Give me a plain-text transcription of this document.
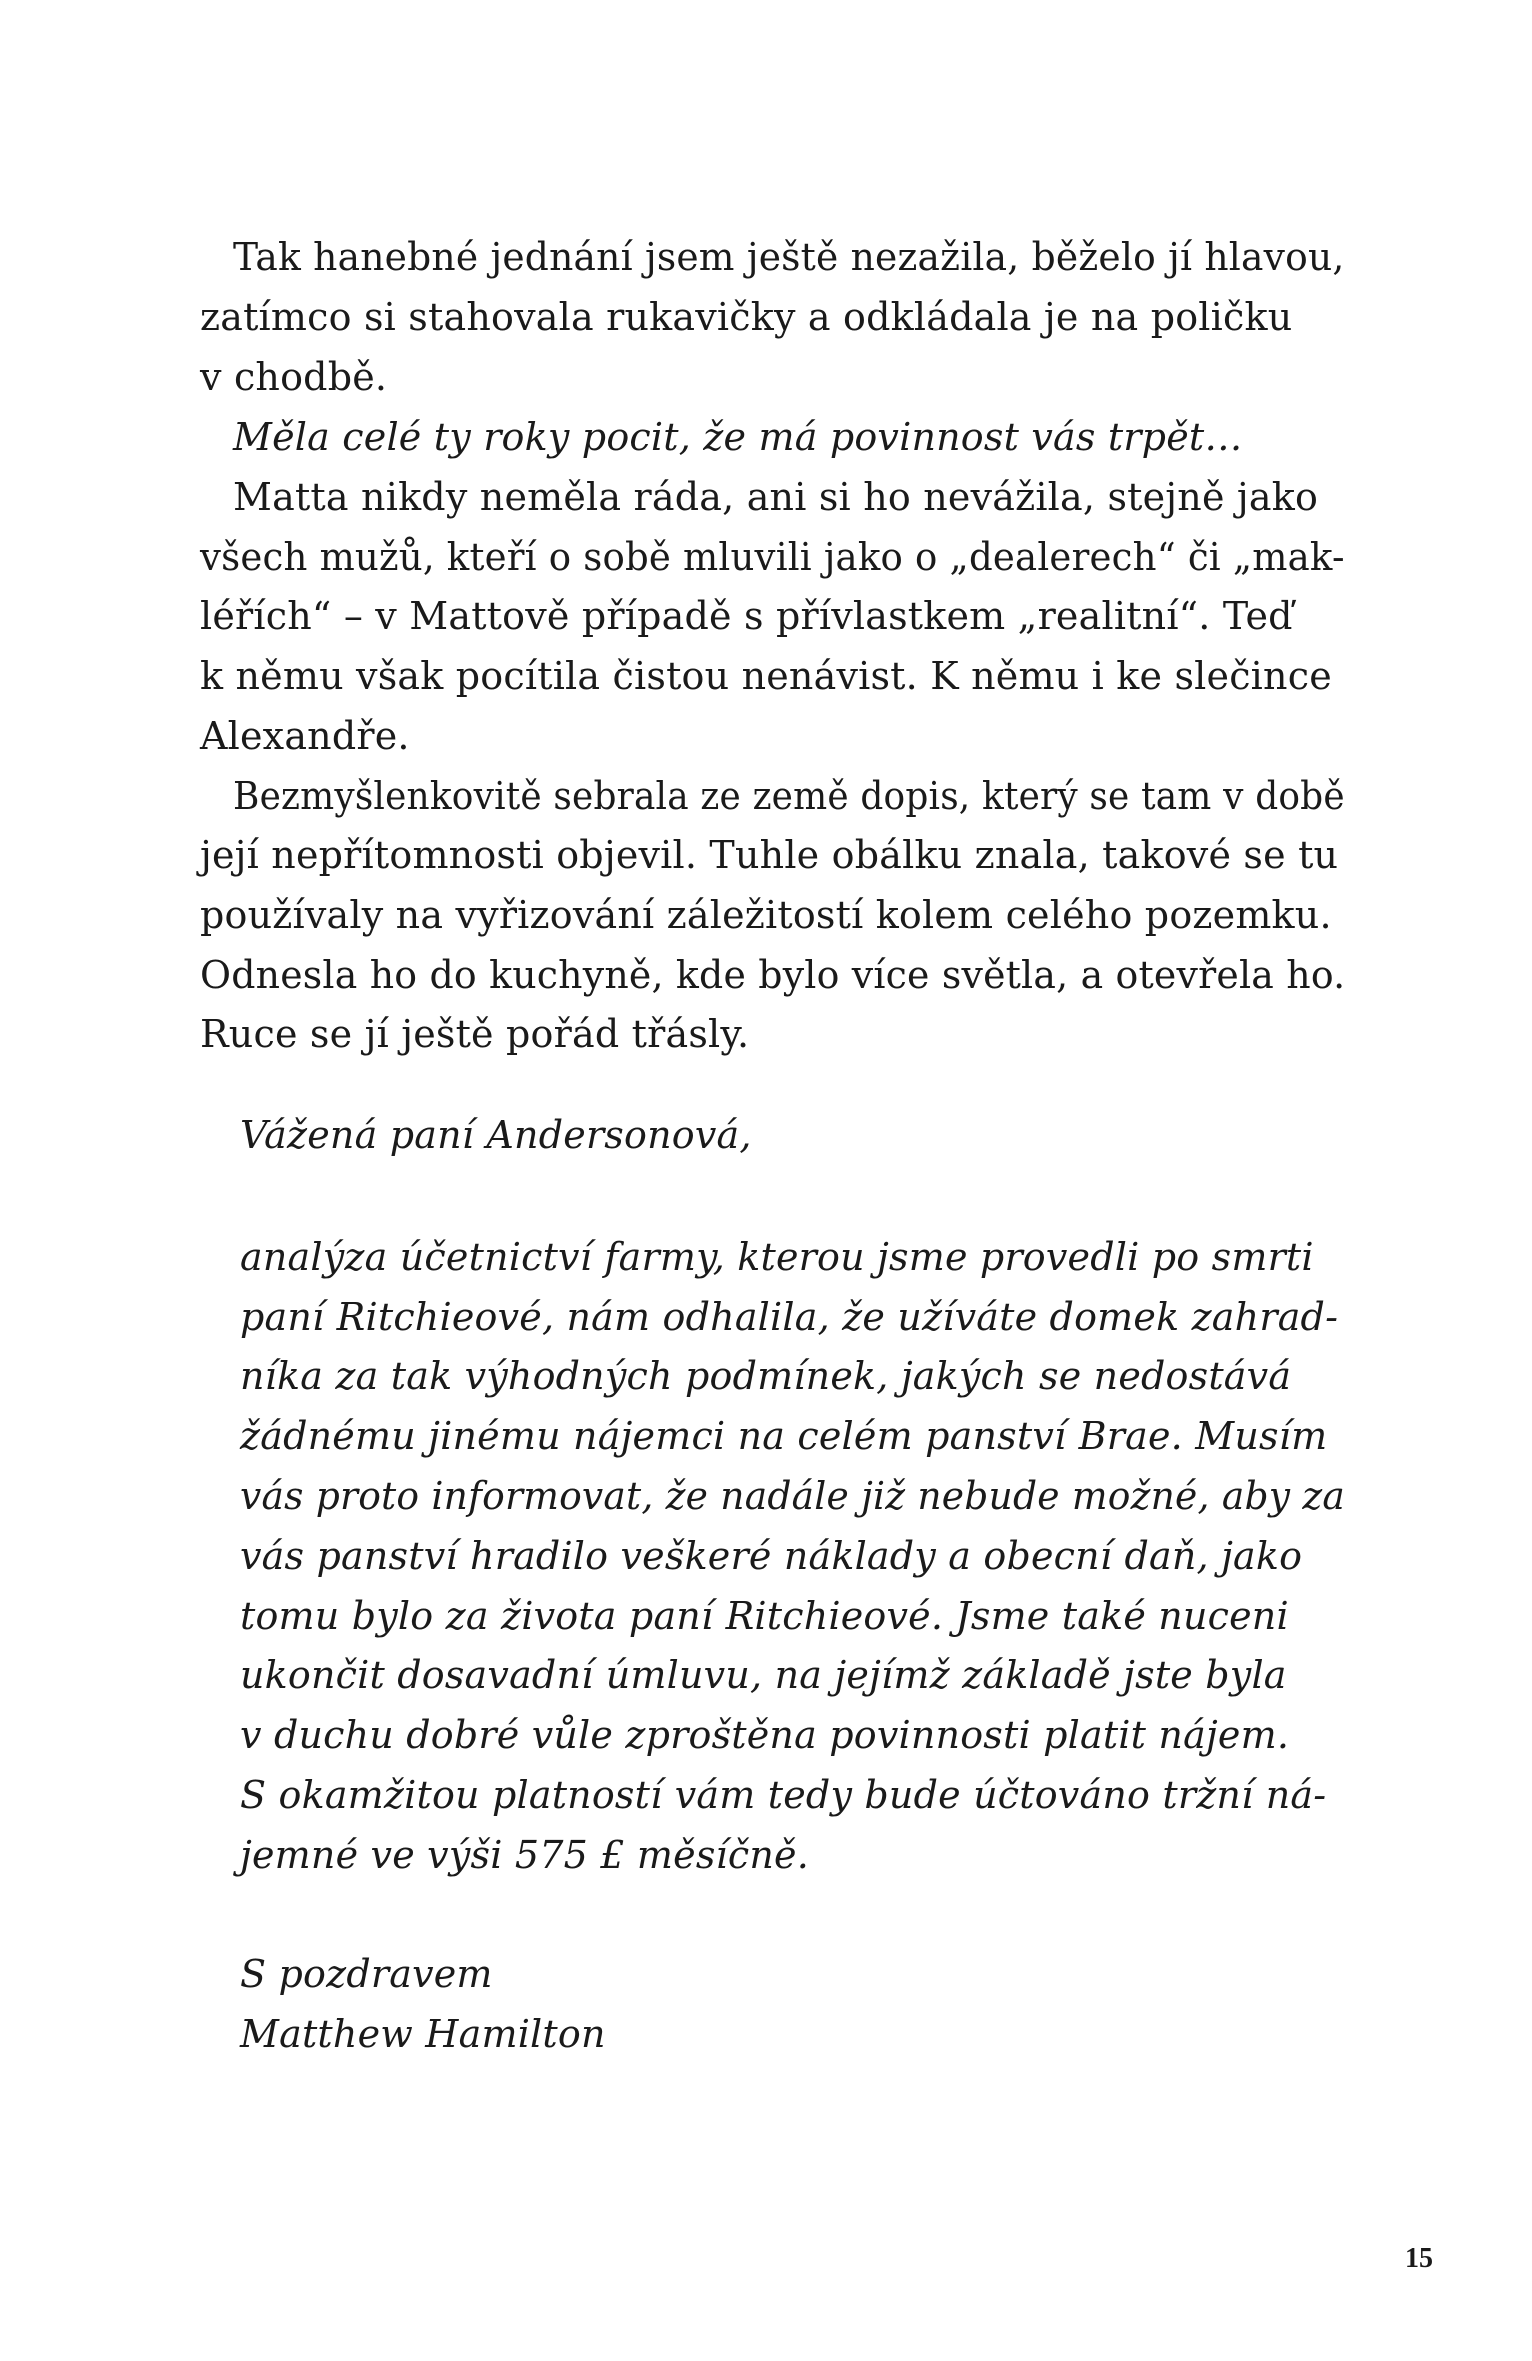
Tak hanebné jednání jsem ještě nezažila, běželo jí hlavou,
zatímco si stahovala rukavičky a odkládala je na poličku
v chodbě.
Měla celé ty roky pocit, že má povinnost vás trpět…
Matta nikdy neměla ráda, ani si ho nevážila, stejně jako
všech mužů, kteří o sobě mluvili jako o „dealerech“ či „mak-
léřích“ – v Mattově případě s přívlastkem „realitní“. Teď
k němu však pocítila čistou nenávist. K němu i ke slečince
Alexandře.
Bezmyšlenkovitě sebrala ze země dopis, který se tam v době
její nepřítomnosti objevil. Tuhle obálku znala, takové se tu
používaly na vyřizování záležitostí kolem celého pozemku.
Odnesla ho do kuchyně, kde bylo více světla, a otevřela ho.
Ruce se jí ještě pořád třásly.
Vážená paní Andersonová,
analýza účetnictví farmy, kterou jsme provedli po smrti
paní Ritchieové, nám odhalila, že užíváte domek zahrad-
níka za tak výhodných podmínek, jakých se nedostává
žádnému jinému nájemci na celém panství Brae. Musím
vás proto informovat, že nadále již nebude možné, aby za
vás panství hradilo veškeré náklady a obecní daň, jako
tomu bylo za života paní Ritchieové. Jsme také nuceni
ukončit dosavadní úmluvu, na jejímž základě jste byla
v duchu dobré vůle zproštěna povinnosti platit nájem.
S okamžitou platností vám tedy bude účtováno tržní ná-
jemné ve výši 575 £ měsíčně.
S pozdravem
Matthew Hamilton
15
